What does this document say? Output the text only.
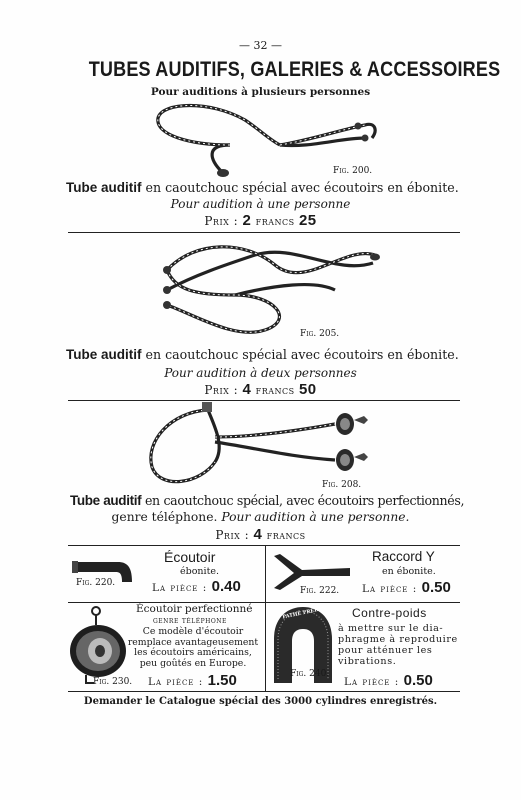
— 32 —
TUBES AUDITIFS, GALERIES & ACCESSOIRES
Pour auditions à plusieurs personnes
Fig. 200.
Tube auditif en caoutchouc spécial avec écoutoirs en ébonite.
Pour audition à une personne
Prix : 2 francs 25
Fig. 205.
Tube auditif en caoutchouc spécial avec écoutoirs en ébonite.
Pour audition à deux personnes
Prix : 4 francs 50
Fig. 208.
Tube auditif en caoutchouc spécial, avec écoutoirs perfectionnés,
genre téléphone. Pour audition à une personne.
Prix : 4 francs
Écoutoir
ébonite.
Fig. 220.	La pièce : 0.40
Raccord Y
en ébonite.
Fig. 222. La pièce : 0.50
Écoutoir perfectionné
genre téléphone
Ce modèle d'écoutoir
remplace avantageusement
les écoutoirs américains,
peu goûtés en Europe.
Fig. 230. La pièce : 1.50
PATHÉ FRÈRES Contre-poids
à mettre sur le dia-
phragme à reproduire
pour atténuer les
vibrations.
Fig. 240.
La pièce : 0.50
Demander le Catalogue spécial des 3000 cylindres enregistrés.
